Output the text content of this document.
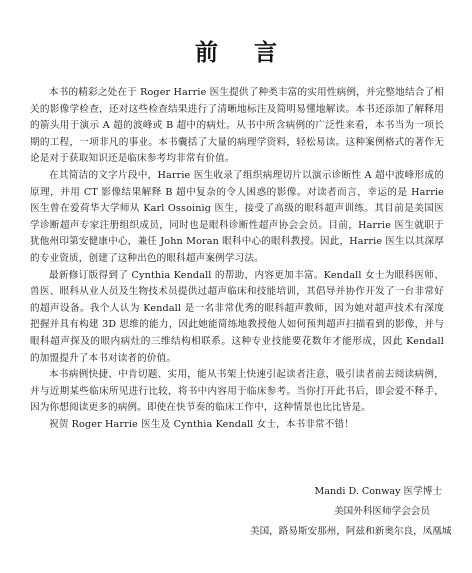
前 言

本书的精彩之处在于 Roger Harrie 医生提供了种类丰富的实用性病例，并完整地结合了相关的影像学检查，还对这些检查结果进行了清晰地标注及简明易懂地解读。本书还添加了解释用的箭头用于演示 A 超的波峰或 B 超中的病灶。从书中所含病例的广泛性来看，本书当为一项长期的工程，一项非凡的事业。本书囊括了大量的病理学资料，轻松易读。这种案例格式的著作无论是对于获取知识还是临床参考均非常有价值。

在其简洁的文字片段中，Harrie 医生收录了组织病理切片以演示诊断性 A 超中波峰形成的原理，并用 CT 影像结果解释 B 超中复杂的令人困惑的影像。对读者而言，幸运的是 Harrie 医生曾在爱荷华大学师从 Karl Ossoinig 医生，接受了高级的眼科超声训练。其目前是美国医学诊断超声专家注册组织成员，同时也是眼科诊断性超声协会会员。目前，Harrie 医生就职于犹他州印第安健康中心，兼任 John Moran 眼科中心的眼科教授。因此，Harrie 医生以其深厚的专业资质，创建了这种出色的眼科超声案例学习法。

最新修订版得到了 Cynthia Kendall 的帮助，内容更加丰富。Kendall 女士为眼科医师、兽医、眼科从业人员及生物技术员提供过超声临床和技能培训，其倡导并协作开发了一台非常好的超声设备。我个人认为 Kendall 是一名非常优秀的眼科超声教师，因为她对超声技术有深度把握并具有构建 3D 思维的能力，因此她能简练地教授他人如何预判超声扫描看到的影像，并与眼科超声探及的眼内病灶的三维结构相联系。这种专业技能要花数年才能形成，因此 Kendall 的加盟提升了本书对读者的价值。

本书病例快捷、中肯切题、实用，能从书架上快速引起读者注意，吸引读者前去阅读病例，并与近期某些临床所见进行比较，将书中内容用于临床参考。当你打开此书后，即会爱不释手，因为你想阅读更多的病例。即使在快节奏的临床工作中，这种情景也比比皆是。

祝贺 Roger Harrie 医生及 Cynthia Kendall 女士，本书非常不错！

Mandi D. Conway 医学博士
美国外科医师学会会员
美国，路易斯安那州，阿兹和新奥尔良，凤凰城
